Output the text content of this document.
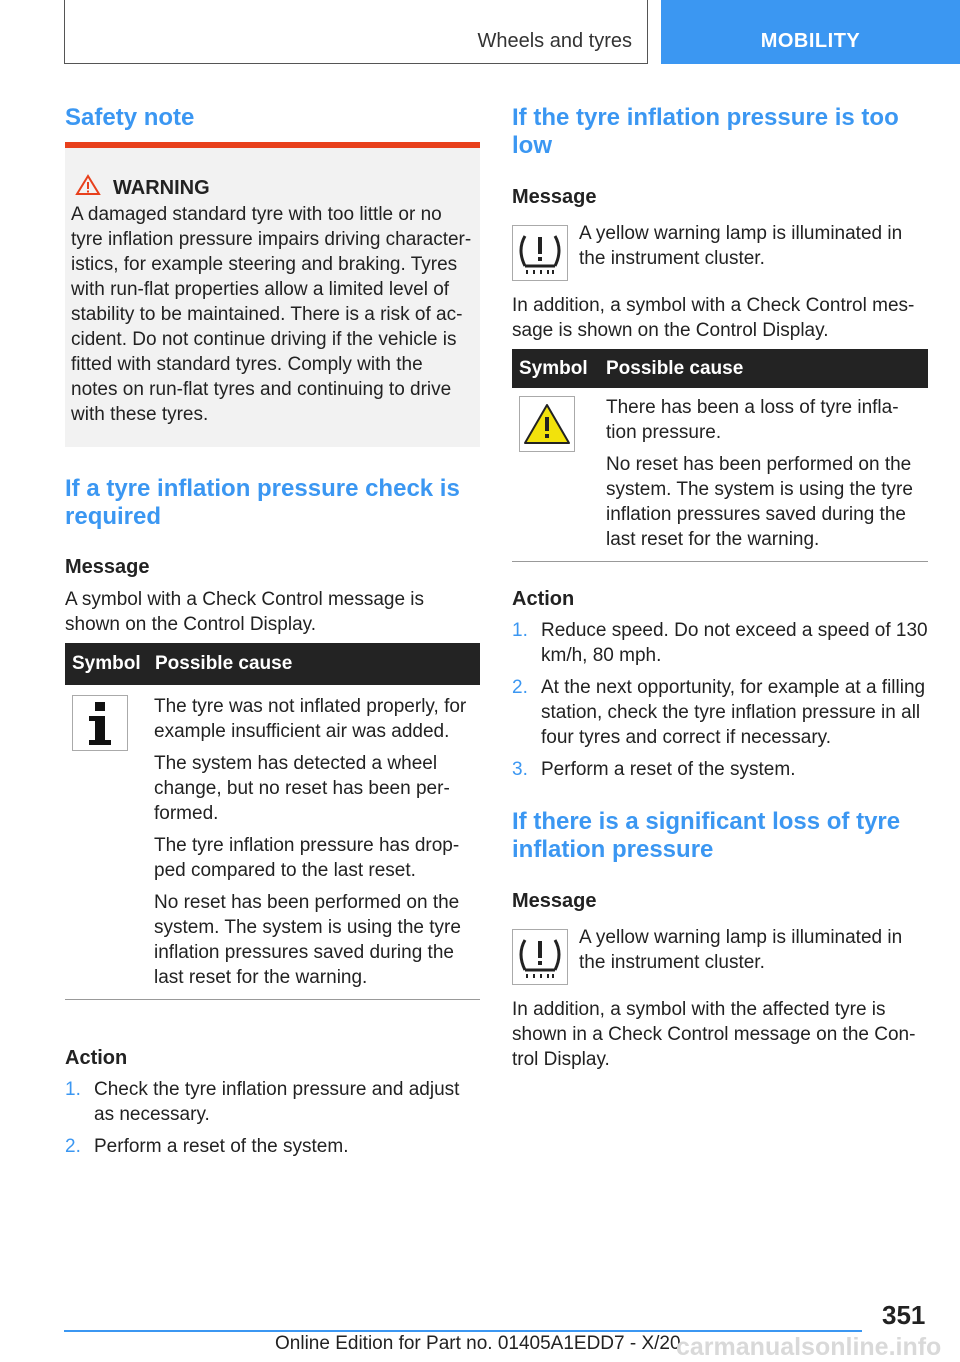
Wheels and tyres	MOBILITY
Safety note
WARNING
A damaged standard tyre with too little or no tyre inflation pressure impairs driving characteristics, for example steering and braking. Tyres with run-flat properties allow a limited level of stability to be maintained. There is a risk of accident. Do not continue driving if the vehicle is fitted with standard tyres. Comply with the notes on run-flat tyres and continuing to drive with these tyres.
If a tyre inflation pressure check is required
Message

A symbol with a Check Control message is shown on the Control Display.

Symbol	Possible cause

The tyre was not inflated properly, for example insufficient air was added.

The system has detected a wheel change, but no reset has been performed.

The tyre inflation pressure has dropped compared to the last reset.

No reset has been performed on the system. The system is using the tyre inflation pressures saved during the last reset for the warning.

Action
1. Check the tyre inflation pressure and adjust as necessary.
2. Perform a reset of the system.
If the tyre inflation pressure is too low
Message

A yellow warning lamp is illuminated in the instrument cluster.

In addition, a symbol with a Check Control message is shown on the Control Display.

Symbol	Possible cause

There has been a loss of tyre inflation pressure.

No reset has been performed on the system. The system is using the tyre inflation pressures saved during the last reset for the warning.

Action
1. Reduce speed. Do not exceed a speed of 130 km/h, 80 mph.
2. At the next opportunity, for example at a filling station, check the tyre inflation pressure in all four tyres and correct if necessary.
3. Perform a reset of the system.
If there is a significant loss of tyre inflation pressure
Message

A yellow warning lamp is illuminated in the instrument cluster.

In addition, a symbol with the affected tyre is shown in a Check Control message on the Control Display.

351
Online Edition for Part no. 01405A1EDD7 - X/20
carmanualsonline.info
